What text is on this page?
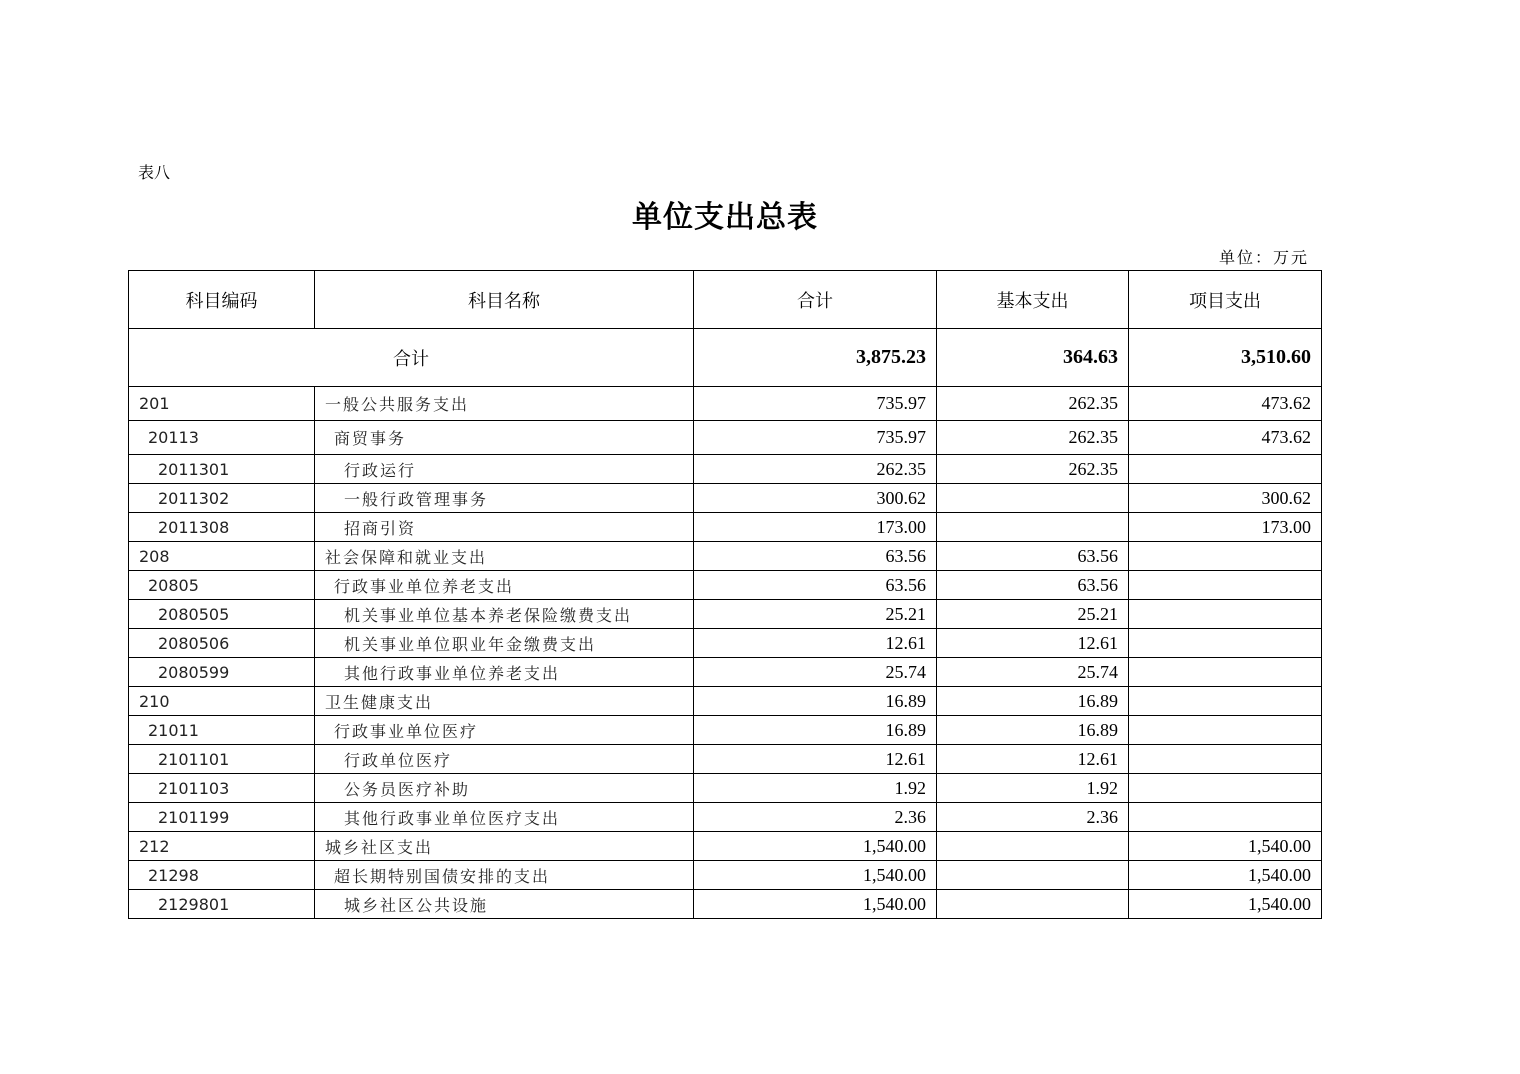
表八
单位支出总表
单位：万元
科目编码	科目名称	合计	基本支出	项目支出
合计		3,875.23	364.63	3,510.60
201	一般公共服务支出	735.97	262.35	473.62
20113	商贸事务	735.97	262.35	473.62
2011301	行政运行	262.35	262.35	
2011302	一般行政管理事务	300.62		300.62
2011308	招商引资	173.00		173.00
208	社会保障和就业支出	63.56	63.56	
20805	行政事业单位养老支出	63.56	63.56	
2080505	机关事业单位基本养老保险缴费支出	25.21	25.21	
2080506	机关事业单位职业年金缴费支出	12.61	12.61	
2080599	其他行政事业单位养老支出	25.74	25.74	
210	卫生健康支出	16.89	16.89	
21011	行政事业单位医疗	16.89	16.89	
2101101	行政单位医疗	12.61	12.61	
2101103	公务员医疗补助	1.92	1.92	
2101199	其他行政事业单位医疗支出	2.36	2.36	
212	城乡社区支出	1,540.00		1,540.00
21298	超长期特别国债安排的支出	1,540.00		1,540.00
2129801	城乡社区公共设施	1,540.00		1,540.00
